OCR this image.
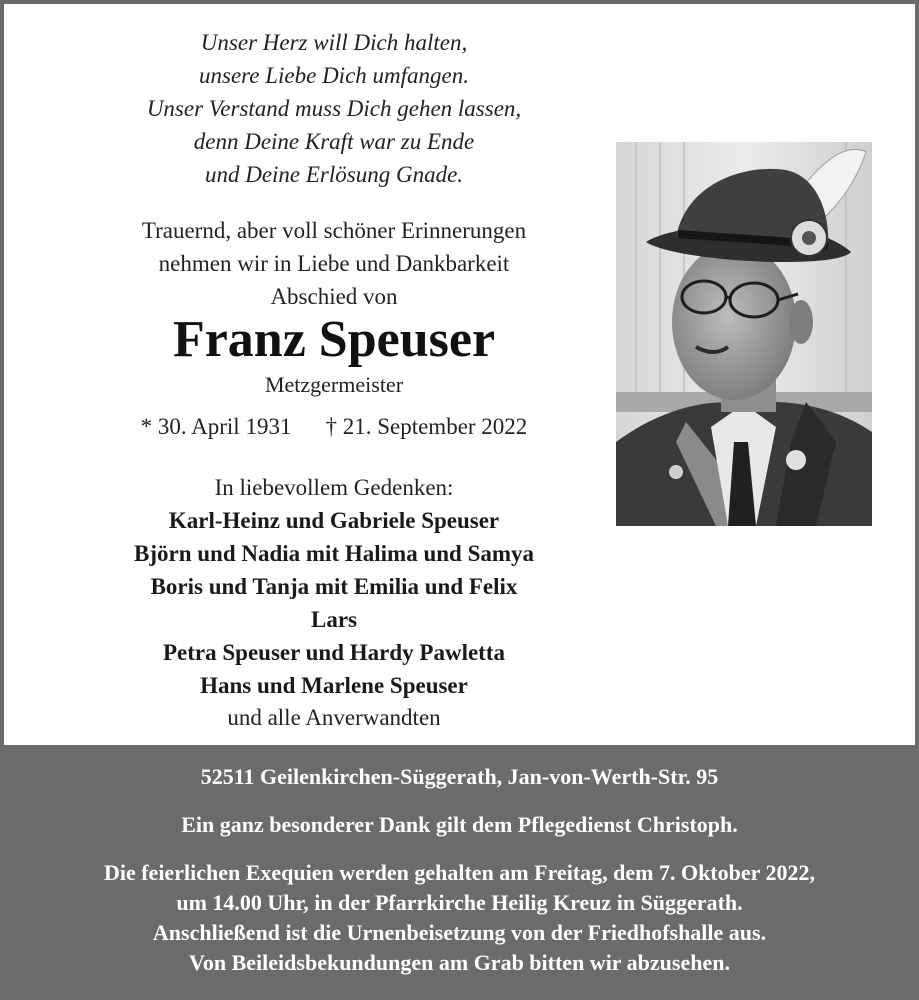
Unser Herz will Dich halten,
unsere Liebe Dich umfangen.
Unser Verstand muss Dich gehen lassen,
denn Deine Kraft war zu Ende
und Deine Erlösung Gnade.
Trauernd, aber voll schöner Erinnerungen
nehmen wir in Liebe und Dankbarkeit
Abschied von
Franz Speuser
Metzgermeister
* 30. April 1931 † 21. September 2022
In liebevollem Gedenken:
Karl-Heinz und Gabriele Speuser
Björn und Nadia mit Halima und Samya
Boris und Tanja mit Emilia und Felix
Lars
Petra Speuser und Hardy Pawletta
Hans und Marlene Speuser
und alle Anverwandten
52511 Geilenkirchen-Süggerath, Jan-von-Werth-Str. 95
Ein ganz besonderer Dank gilt dem Pflegedienst Christoph.
Die feierlichen Exequien werden gehalten am Freitag, dem 7. Oktober 2022,
um 14.00 Uhr, in der Pfarrkirche Heilig Kreuz in Süggerath.
Anschließend ist die Urnenbeisetzung von der Friedhofshalle aus.
Von Beileidsbekundungen am Grab bitten wir abzusehen.
